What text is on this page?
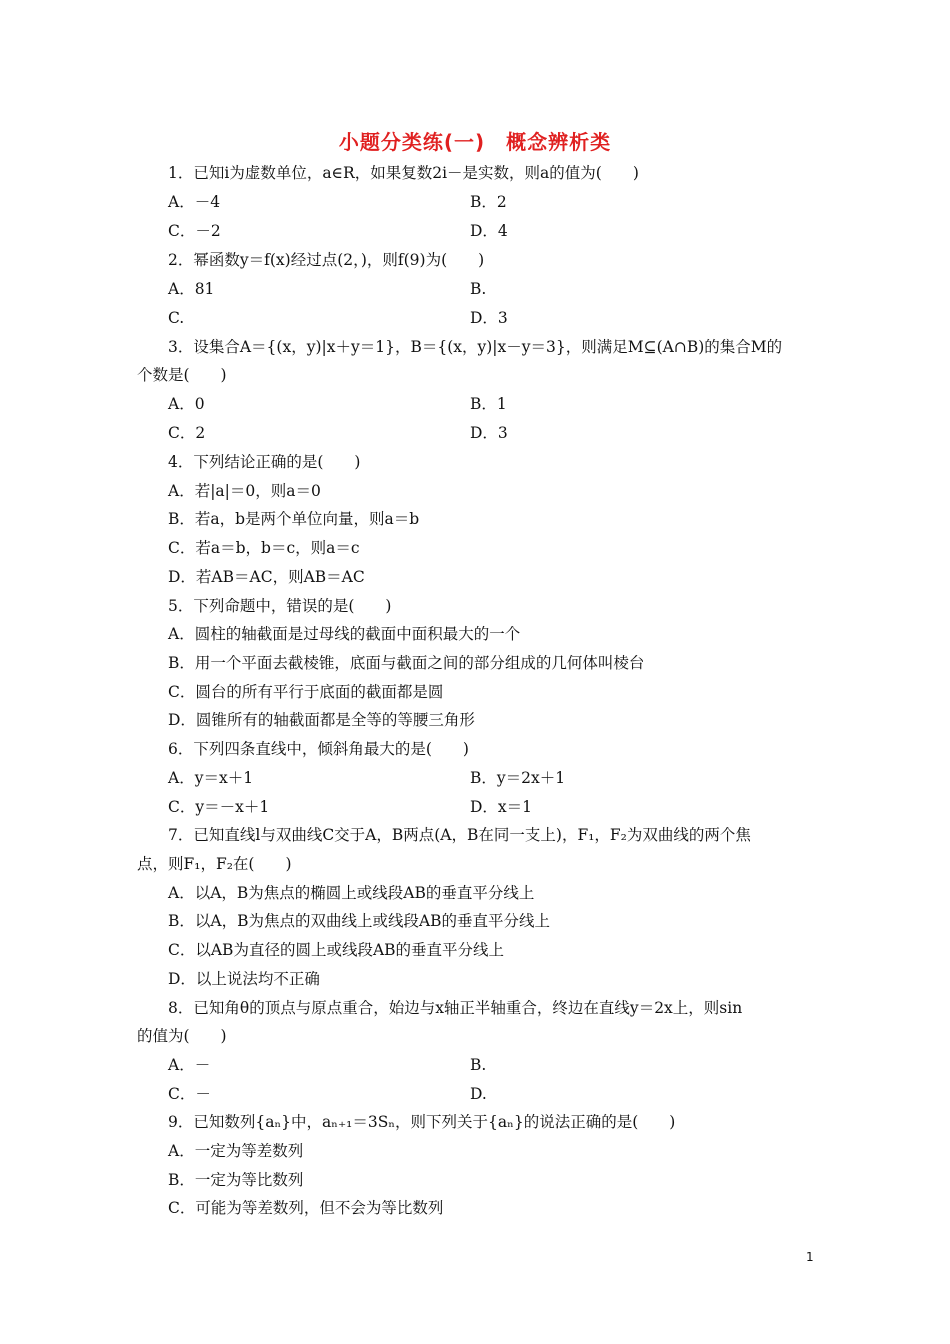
小题分类练(一)　概念辨析类
1．已知i为虚数单位，a∈R，如果复数2i－是实数，则a的值为(　　)
A．－4	B．2
C．－2	D．4
2．幂函数y＝f(x)经过点(2，)，则f(9)为(　　)
A．81	B.
C.	D．3
3．设集合A＝{(x，y)|x＋y＝1}，B＝{(x，y)|x－y＝3}，则满足M⊆(A∩B)的集合M的
个数是(　　)
A．0	B．1
C．2	D．3
4．下列结论正确的是(　　)
A．若|a|＝0，则a＝0
B．若a，b是两个单位向量，则a＝b
C．若a＝b，b＝c，则a＝c
D．若AB＝AC，则AB＝AC
5．下列命题中，错误的是(　　)
A．圆柱的轴截面是过母线的截面中面积最大的一个
B．用一个平面去截棱锥，底面与截面之间的部分组成的几何体叫棱台
C．圆台的所有平行于底面的截面都是圆
D．圆锥所有的轴截面都是全等的等腰三角形
6．下列四条直线中，倾斜角最大的是(　　)
A．y＝x＋1	B．y＝2x＋1
C．y＝－x＋1	D．x＝1
7．已知直线l与双曲线C交于A，B两点(A，B在同一支上)，F₁，F₂为双曲线的两个焦
点，则F₁，F₂在(　　)
A．以A，B为焦点的椭圆上或线段AB的垂直平分线上
B．以A，B为焦点的双曲线上或线段AB的垂直平分线上
C．以AB为直径的圆上或线段AB的垂直平分线上
D．以上说法均不正确
8．已知角θ的顶点与原点重合，始边与x轴正半轴重合，终边在直线y＝2x上，则sin
的值为(　　)
A．－	B.
C．－	D.
9．已知数列{aₙ}中，aₙ₊₁＝3Sₙ，则下列关于{aₙ}的说法正确的是(　　)
A．一定为等差数列
B．一定为等比数列
C．可能为等差数列，但不会为等比数列
1
